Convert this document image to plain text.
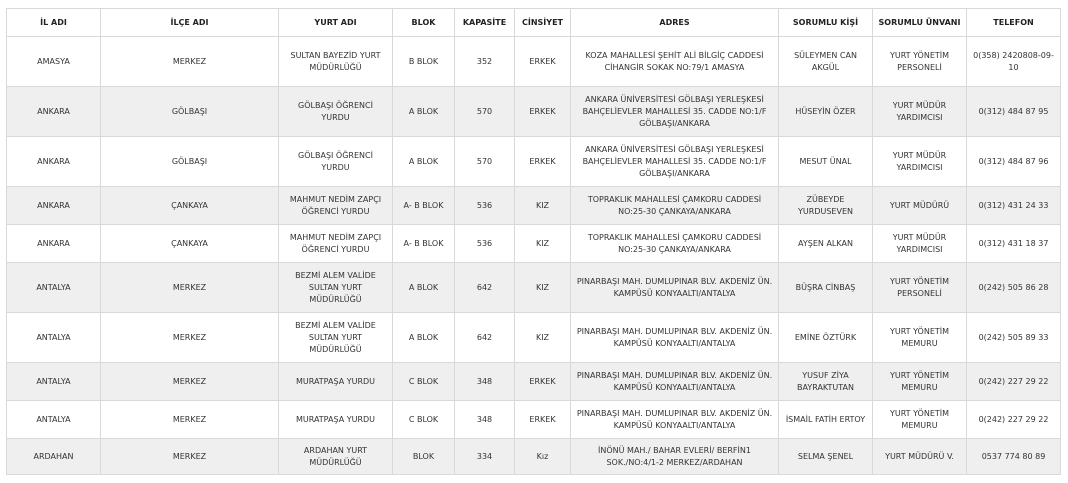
İL ADI	İLÇE ADI	YURT ADI	BLOK	KAPASİTE	CİNSİYET	ADRES	SORUMLU KİŞİ	SORUMLU ÜNVANI	TELEFON
AMASYA	MERKEZ	SULTAN BAYEZİD YURT MÜDÜRLÜĞÜ	B BLOK	352	ERKEK	KOZA MAHALLESİ ŞEHİT ALİ BİLGİÇ CADDESİ CİHANGİR SOKAK NO:79/1 AMASYA	SÜLEYMEN CAN AKGÜL	YURT YÖNETİM PERSONELİ	0(358) 2420808-09-10
ANKARA	GÖLBAŞI	GÖLBAŞI ÖĞRENCİ YURDU	A BLOK	570	ERKEK	ANKARA ÜNİVERSİTESİ GÖLBAŞI YERLEŞKESİ BAHÇELİEVLER MAHALLESİ 35. CADDE NO:1/F GÖLBAŞI/ANKARA	HÜSEYİN ÖZER	YURT MÜDÜR YARDIMCISI	0(312) 484 87 95
ANKARA	GÖLBAŞI	GÖLBAŞI ÖĞRENCİ YURDU	A BLOK	570	ERKEK	ANKARA ÜNİVERSİTESİ GÖLBAŞI YERLEŞKESİ BAHÇELİEVLER MAHALLESİ 35. CADDE NO:1/F GÖLBAŞI/ANKARA	MESUT ÜNAL	YURT MÜDÜR YARDIMCISI	0(312) 484 87 96
ANKARA	ÇANKAYA	MAHMUT NEDİM ZAPÇI ÖĞRENCİ YURDU	A- B BLOK	536	KIZ	TOPRAKLIK MAHALLESİ ÇAMKORU CADDESİ NO:25-30 ÇANKAYA/ANKARA	ZÜBEYDE YURDUSEVEN	YURT MÜDÜRÜ	0(312) 431 24 33
ANKARA	ÇANKAYA	MAHMUT NEDİM ZAPÇI ÖĞRENCİ YURDU	A- B BLOK	536	KIZ	TOPRAKLIK MAHALLESİ ÇAMKORU CADDESİ NO:25-30 ÇANKAYA/ANKARA	AYŞEN ALKAN	YURT MÜDÜR YARDIMCISI	0(312) 431 18 37
ANTALYA	MERKEZ	BEZMİ ALEM VALİDE SULTAN YURT MÜDÜRLÜĞÜ	A BLOK	642	KIZ	PINARBAŞI MAH. DUMLUPINAR BLV. AKDENİZ ÜN. KAMPÜSÜ KONYAALTI/ANTALYA	BÜŞRA CİNBAŞ	YURT YÖNETİM PERSONELİ	0(242) 505 86 28
ANTALYA	MERKEZ	BEZMİ ALEM VALİDE SULTAN YURT MÜDÜRLÜĞÜ	A BLOK	642	KIZ	PINARBAŞI MAH. DUMLUPINAR BLV. AKDENİZ ÜN. KAMPÜSÜ KONYAALTI/ANTALYA	EMİNE ÖZTÜRK	YURT YÖNETİM MEMURU	0(242) 505 89 33
ANTALYA	MERKEZ	MURATPAŞA YURDU	C BLOK	348	ERKEK	PINARBAŞI MAH. DUMLUPINAR BLV. AKDENİZ ÜN. KAMPÜSÜ KONYAALTI/ANTALYA	YUSUF ZİYA BAYRAKTUTAN	YURT YÖNETİM MEMURU	0(242) 227 29 22
ANTALYA	MERKEZ	MURATPAŞA YURDU	C BLOK	348	ERKEK	PINARBAŞI MAH. DUMLUPINAR BLV. AKDENİZ ÜN. KAMPÜSÜ KONYAALTI/ANTALYA	İSMAİL FATİH ERTOY	YURT YÖNETİM MEMURU	0(242) 227 29 22
ARDAHAN	MERKEZ	ARDAHAN YURT MÜDÜRLÜĞÜ	BLOK	334	Kız	İNÖNÜ MAH./ BAHAR EVLERİ/ BERFİN1 SOK./NO:4/1-2 MERKEZ/ARDAHAN	SELMA ŞENEL	YURT MÜDÜRÜ V.	0537 774 80 89
